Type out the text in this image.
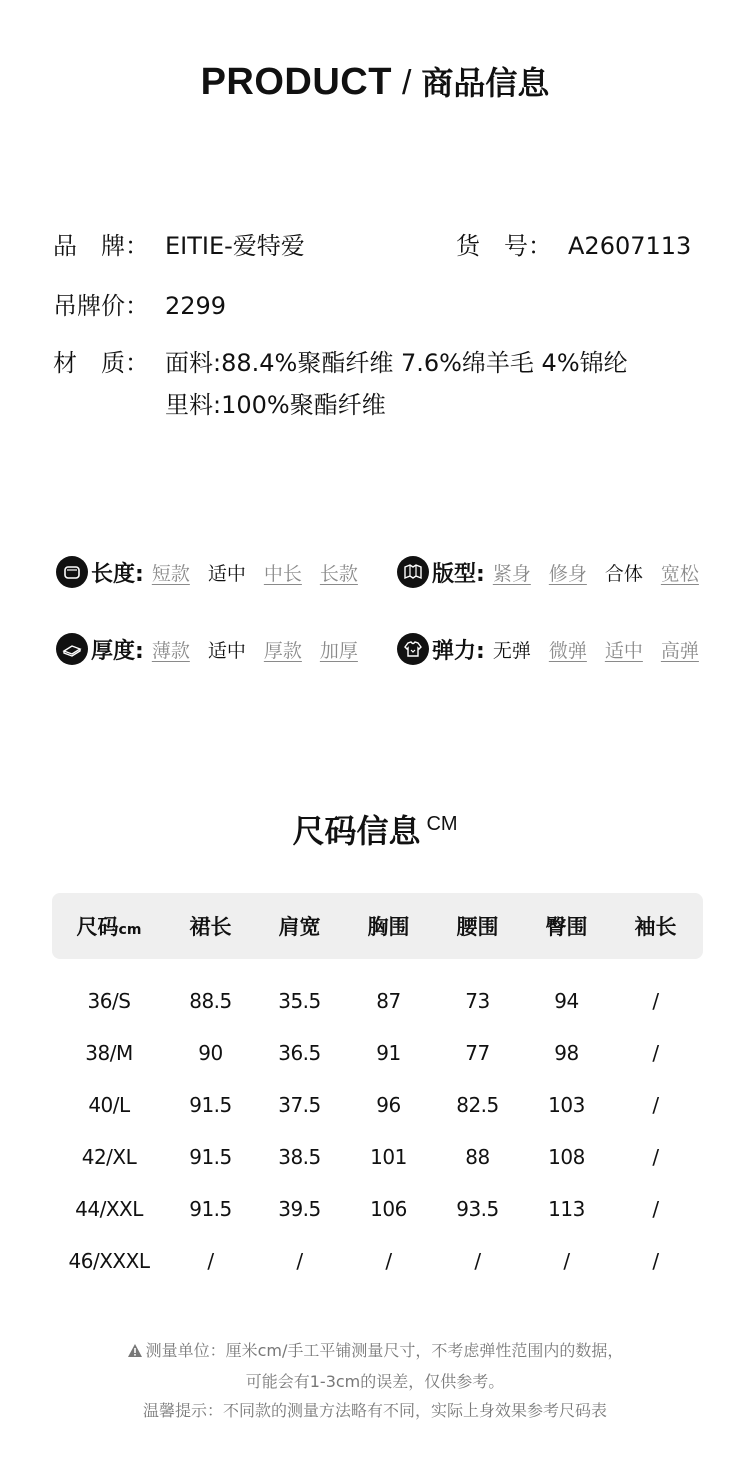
PRODUCT / 商品信息
品　牌： EITIE-爱特爱	货　号： A2607113
吊牌价： 2299
材　质： 面料:88.4%聚酯纤维 7.6%绵羊毛 4%锦纶
里料:100%聚酯纤维
长度: 短款 适中 中长 长款	版型: 紧身 修身 合体 宽松
厚度: 薄款 适中 厚款 加厚	弹力: 无弹 微弹 适中 高弹
尺码信息 CM
尺码cm	裙长	肩宽	胸围	腰围	臀围	袖长
36/S	88.5	35.5	87	73	94	/
38/M	90	36.5	91	77	98	/
40/L	91.5	37.5	96	82.5	103	/
42/XL	91.5	38.5	101	88	108	/
44/XXL	91.5	39.5	106	93.5	113	/
46/XXXL	/	/	/	/	/	/
测量单位：厘米cm/手工平铺测量尺寸，不考虑弹性范围内的数据，
可能会有1-3cm的误差，仅供参考。
温馨提示：不同款的测量方法略有不同，实际上身效果参考尺码表
